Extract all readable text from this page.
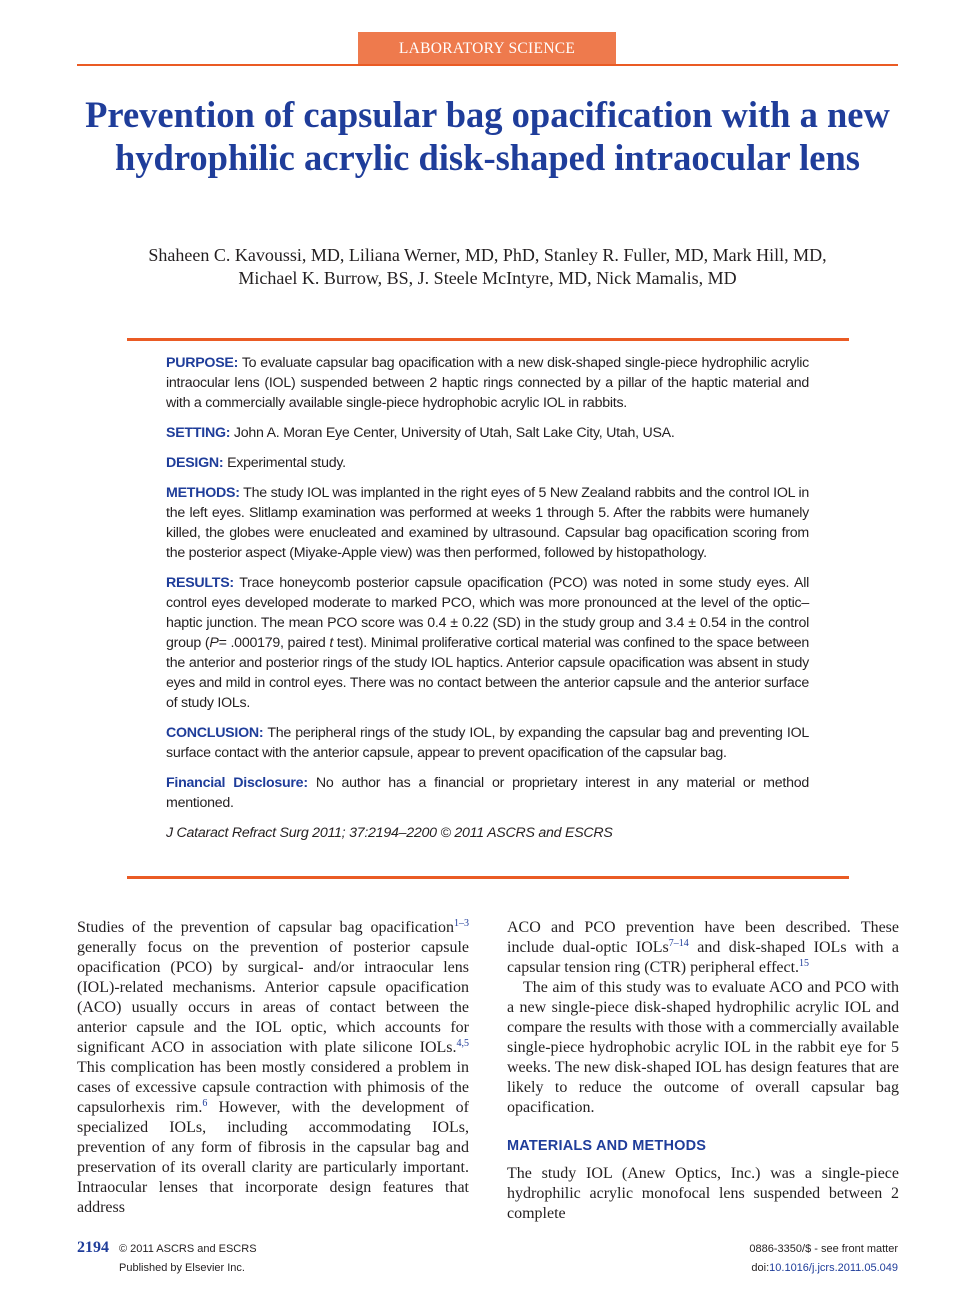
LABORATORY SCIENCE
Prevention of capsular bag opacification with a new hydrophilic acrylic disk-shaped intraocular lens
Shaheen C. Kavoussi, MD, Liliana Werner, MD, PhD, Stanley R. Fuller, MD, Mark Hill, MD,
Michael K. Burrow, BS, J. Steele McIntyre, MD, Nick Mamalis, MD

PURPOSE: To evaluate capsular bag opacification with a new disk-shaped single-piece hydrophilic acrylic intraocular lens (IOL) suspended between 2 haptic rings connected by a pillar of the haptic material and with a commercially available single-piece hydrophobic acrylic IOL in rabbits.

SETTING: John A. Moran Eye Center, University of Utah, Salt Lake City, Utah, USA.

DESIGN: Experimental study.

METHODS: The study IOL was implanted in the right eyes of 5 New Zealand rabbits and the control IOL in the left eyes. Slitlamp examination was performed at weeks 1 through 5. After the rabbits were humanely killed, the globes were enucleated and examined by ultrasound. Capsular bag opacification scoring from the posterior aspect (Miyake-Apple view) was then performed, followed by histopathology.

RESULTS: Trace honeycomb posterior capsule opacification (PCO) was noted in some study eyes. All control eyes developed moderate to marked PCO, which was more pronounced at the level of the optic–haptic junction. The mean PCO score was 0.4 ± 0.22 (SD) in the study group and 3.4 ± 0.54 in the control group (P= .000179, paired t test). Minimal proliferative cortical material was confined to the space between the anterior and posterior rings of the study IOL haptics. Anterior capsule opacification was absent in study eyes and mild in control eyes. There was no contact between the anterior capsule and the anterior surface of study IOLs.

CONCLUSION: The peripheral rings of the study IOL, by expanding the capsular bag and preventing IOL surface contact with the anterior capsule, appear to prevent opacification of the capsular bag.

Financial Disclosure: No author has a financial or proprietary interest in any material or method mentioned.

J Cataract Refract Surg 2011; 37:2194–2200 © 2011 ASCRS and ESCRS

Studies of the prevention of capsular bag opacification$^{1-3}$ generally focus on the prevention of posterior capsule opacification (PCO) by surgical- and/or intraocular lens (IOL)-related mechanisms. Anterior capsule opacification (ACO) usually occurs in areas of contact between the anterior capsule and the IOL optic, which accounts for significant ACO in association with plate silicone IOLs.$^{4,5}$ This complication has been mostly considered a problem in cases of excessive capsule contraction with phimosis of the capsulorhexis rim.$^6$ However, with the development of specialized IOLs, including accommodating IOLs, prevention of any form of fibrosis in the capsular bag and preservation of its overall clarity are particularly important. Intraocular lenses that incorporate design features that address

ACO and PCO prevention have been described. These include dual-optic IOLs$^{7-14}$ and disk-shaped IOLs with a capsular tension ring (CTR) peripheral effect.$^{15}$

The aim of this study was to evaluate ACO and PCO with a new single-piece disk-shaped hydrophilic acrylic IOL and compare the results with those with a commercially available single-piece hydrophobic acrylic IOL in the rabbit eye for 5 weeks. The new disk-shaped IOL has design features that are likely to reduce the outcome of overall capsular bag opacification.

MATERIALS AND METHODS

The study IOL (Anew Optics, Inc.) was a single-piece hydrophilic acrylic monofocal lens suspended between 2 complete

2194 © 2011 ASCRS and ESCRS
Published by Elsevier Inc.
0886-3350/$ - see front matter
doi:10.1016/j.jcrs.2011.05.049
